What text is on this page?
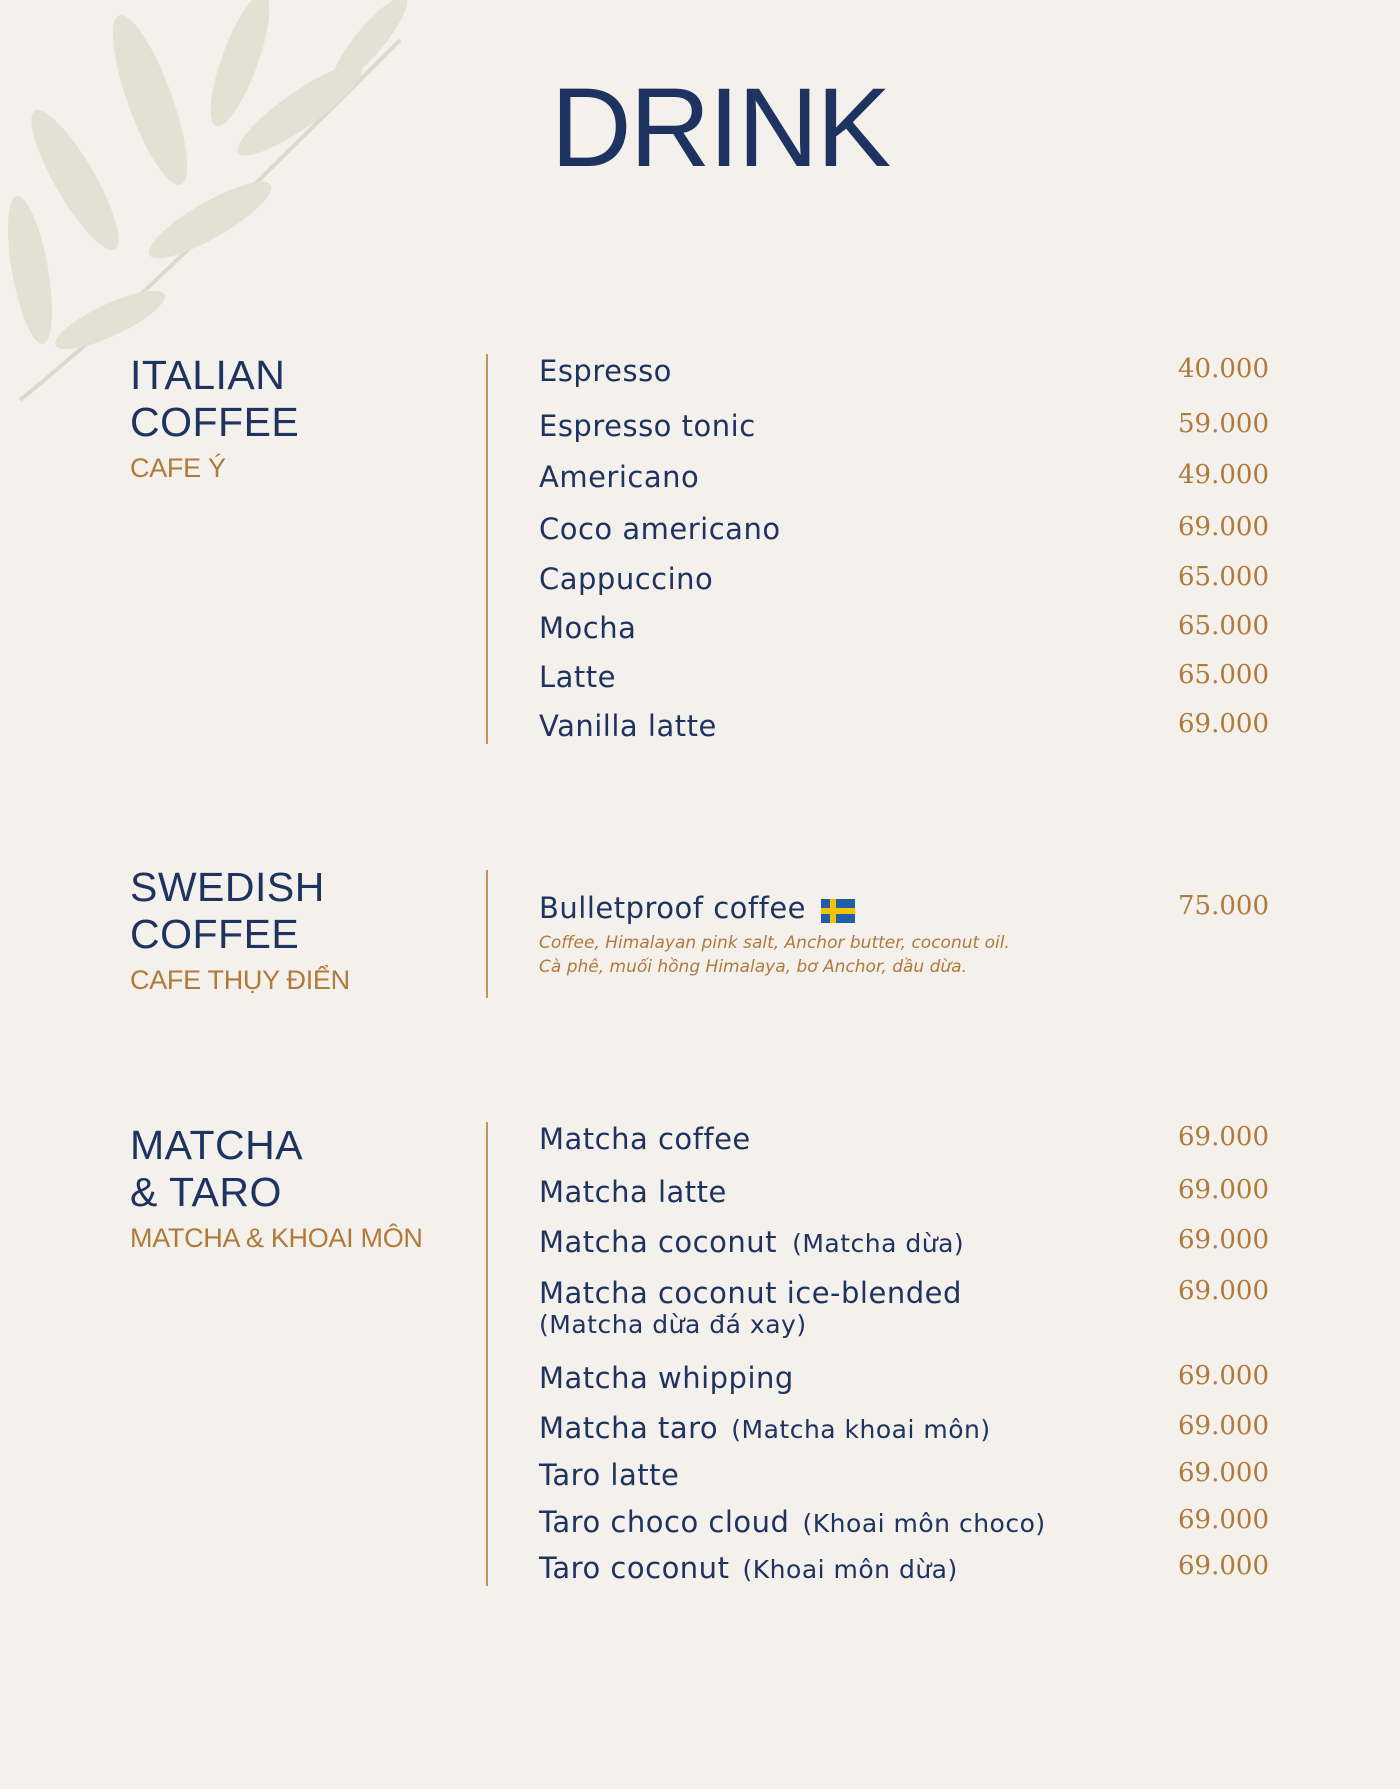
DRINK
ITALIAN
COFFEE
CAFE Ý
Espresso	40.000
Espresso tonic	59.000
Americano	49.000
Coco americano	69.000
Cappuccino	65.000
Mocha	65.000
Latte	65.000
Vanilla latte	69.000
SWEDISH
COFFEE
CAFE THỤY ĐIỂN
Bulletproof coffee	75.000
Coffee, Himalayan pink salt, Anchor butter, coconut oil.
Cà phê, muối hồng Himalaya, bơ Anchor, dầu dừa.
MATCHA
& TARO
MATCHA & KHOAI MÔN
Matcha coffee	69.000
Matcha latte	69.000
Matcha coconut (Matcha dừa)	69.000
Matcha coconut ice-blended
(Matcha dừa đá xay)
69.000
Matcha whipping	69.000
Matcha taro (Matcha khoai môn)	69.000
Taro latte	69.000
Taro choco cloud (Khoai môn choco)	69.000
Taro coconut (Khoai môn dừa)	69.000
